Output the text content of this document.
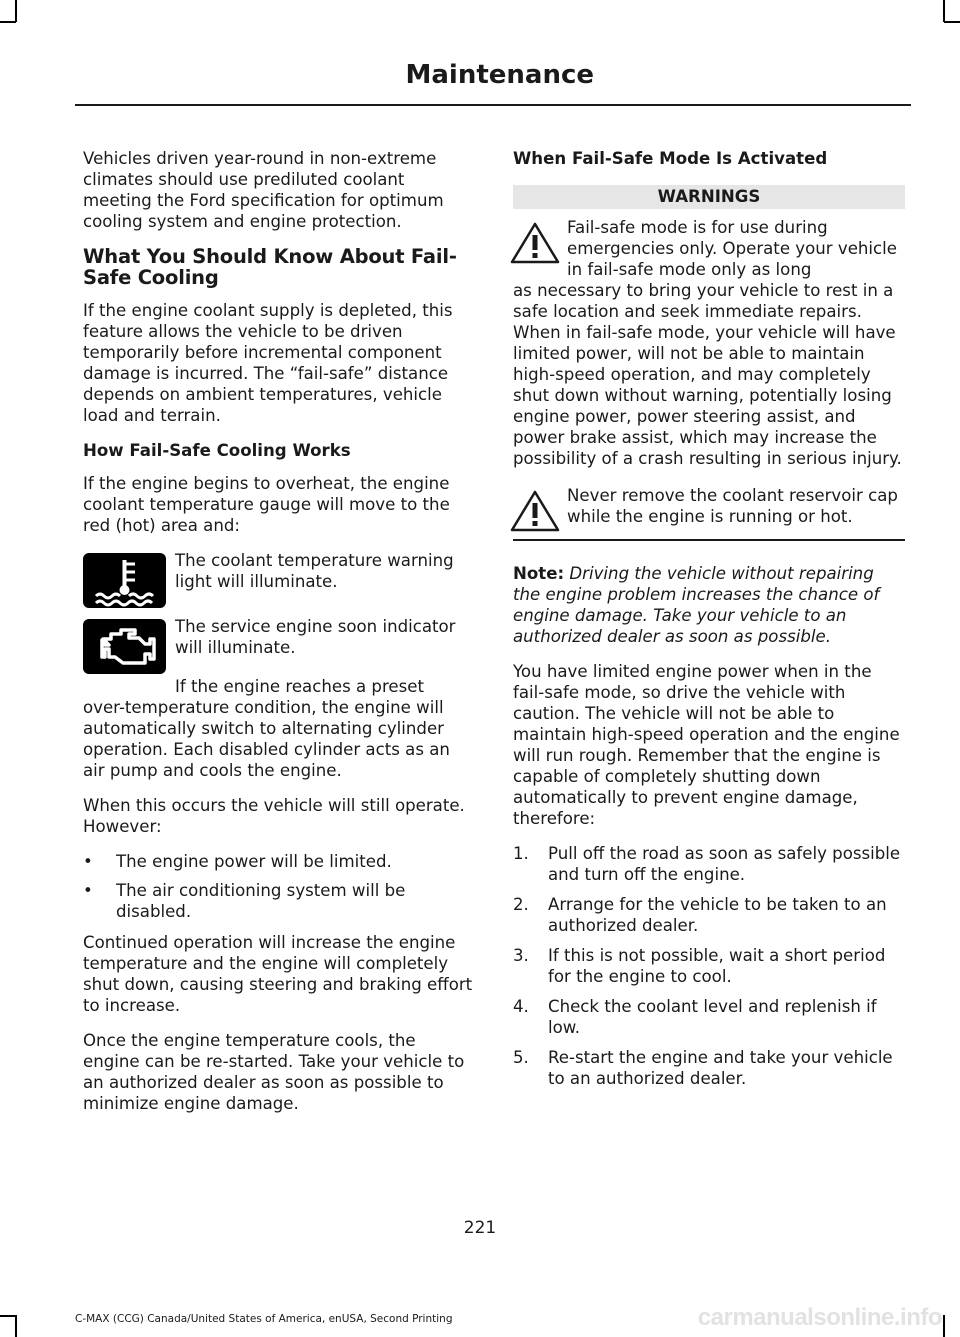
Maintenance

Vehicles driven year-round in non-extreme climates should use prediluted coolant meeting the Ford specification for optimum cooling system and engine protection.

What You Should Know About Fail-Safe Cooling

If the engine coolant supply is depleted, this feature allows the vehicle to be driven temporarily before incremental component damage is incurred. The “fail-safe” distance depends on ambient temperatures, vehicle load and terrain.

How Fail-Safe Cooling Works

If the engine begins to overheat, the engine coolant temperature gauge will move to the red (hot) area and:

The coolant temperature warning light will illuminate.
The service engine soon indicator will illuminate.

If the engine reaches a preset
over-temperature condition, the engine will automatically switch to alternating cylinder operation. Each disabled cylinder acts as an air pump and cools the engine.

When this occurs the vehicle will still operate. However:

• The engine power will be limited.
• The air conditioning system will be disabled.

Continued operation will increase the engine temperature and the engine will completely shut down, causing steering and braking effort to increase.

Once the engine temperature cools, the engine can be re-started. Take your vehicle to an authorized dealer as soon as possible to minimize engine damage.

When Fail-Safe Mode Is Activated
WARNINGS
Fail-safe mode is for use during emergencies only. Operate your vehicle in fail-safe mode only as long
as necessary to bring your vehicle to rest in a safe location and seek immediate repairs. When in fail-safe mode, your vehicle will have limited power, will not be able to maintain high-speed operation, and may completely shut down without warning, potentially losing engine power, power steering assist, and power brake assist, which may increase the possibility of a crash resulting in serious injury.
Never remove the coolant reservoir cap while the engine is running or hot.

Note: Driving the vehicle without repairing the engine problem increases the chance of engine damage. Take your vehicle to an authorized dealer as soon as possible.

You have limited engine power when in the fail-safe mode, so drive the vehicle with caution. The vehicle will not be able to maintain high-speed operation and the engine will run rough. Remember that the engine is capable of completely shutting down automatically to prevent engine damage, therefore:

1. Pull off the road as soon as safely possible and turn off the engine.
2. Arrange for the vehicle to be taken to an authorized dealer.
3. If this is not possible, wait a short period for the engine to cool.
4. Check the coolant level and replenish if low.
5. Re-start the engine and take your vehicle to an authorized dealer.
221
C-MAX (CCG) Canada/United States of America, enUSA, Second Printing	carmanualsonline.info
